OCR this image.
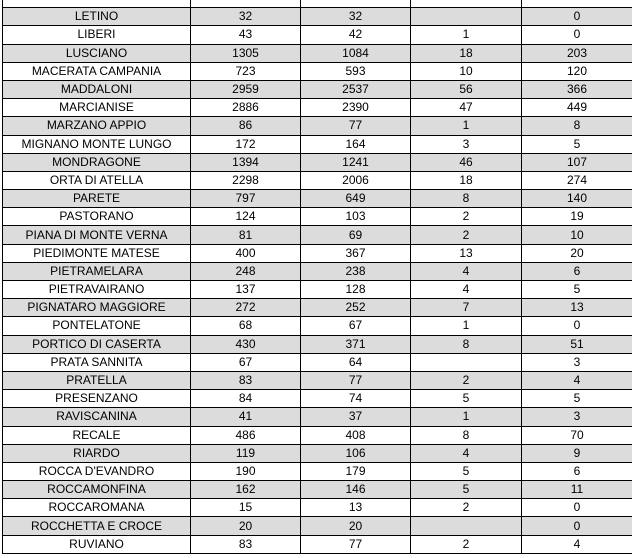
LETINO	32	32		0
LIBERI	43	42	1	0
LUSCIANO	1305	1084	18	203
MACERATA CAMPANIA	723	593	10	120
MADDALONI	2959	2537	56	366
MARCIANISE	2886	2390	47	449
MARZANO APPIO	86	77	1	8
MIGNANO MONTE LUNGO	172	164	3	5
MONDRAGONE	1394	1241	46	107
ORTA DI ATELLA	2298	2006	18	274
PARETE	797	649	8	140
PASTORANO	124	103	2	19
PIANA DI MONTE VERNA	81	69	2	10
PIEDIMONTE MATESE	400	367	13	20
PIETRAMELARA	248	238	4	6
PIETRAVAIRANO	137	128	4	5
PIGNATARO MAGGIORE	272	252	7	13
PONTELATONE	68	67	1	0
PORTICO DI CASERTA	430	371	8	51
PRATA SANNITA	67	64		3
PRATELLA	83	77	2	4
PRESENZANO	84	74	5	5
RAVISCANINA	41	37	1	3
RECALE	486	408	8	70
RIARDO	119	106	4	9
ROCCA D'EVANDRO	190	179	5	6
ROCCAMONFINA	162	146	5	11
ROCCAROMANA	15	13	2	0
ROCCHETTA E CROCE	20	20		0
RUVIANO	83	77	2	4
